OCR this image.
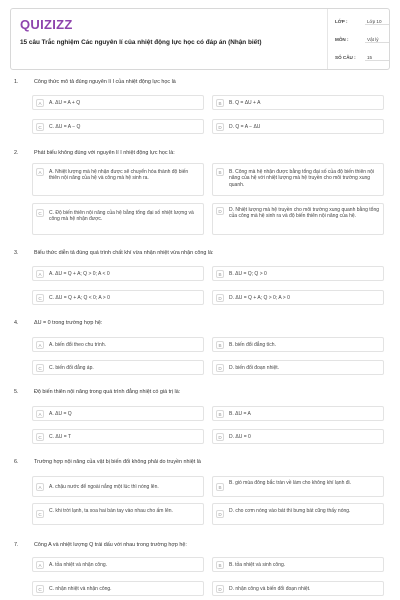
QUIZIZZ
15 câu Trắc nghiệm Các nguyên lí của nhiệt động lực học có đáp án (Nhận biết)
LỚP :	Lớp 10
MÔN :	Vật lý
SỐ CÂU :	15
1.	Công thức mô tả đúng nguyên lí I của nhiệt động lực học là
A	A. ΔU = A + Q	B	B. Q = ΔU + A
C	C. ΔU = A − Q	D	D. Q = A − ΔU
2.	Phát biểu không đúng với nguyên lí I nhiệt động lực học là:
A	A. Nhiệt lượng mà hệ nhận được sẽ chuyển hóa thành độ biến thiên nội năng của hệ và công mà hệ sinh ra.
B	B. Công mà hệ nhận được bằng tổng đại số của độ biến thiên nội năng của hệ với nhiệt lượng mà hệ truyền cho môi trường xung quanh.
C	C. Độ biến thiên nội năng của hệ bằng tổng đại số nhiệt lượng và công mà hệ nhận được.
D	D. Nhiệt lượng mà hệ truyền cho môi trường xung quanh bằng tổng của công mà hệ sinh ra và độ biến thiên nội năng của hệ.
3.	Biểu thức diễn tả đúng quá trình chất khí vừa nhận nhiệt vừa nhận công là:
A	A. ΔU = Q + A; Q > 0; A < 0	B	B. ΔU = Q; Q > 0
C	C. ΔU = Q + A; Q < 0; A > 0	D	D. ΔU = Q + A; Q > 0; A > 0
4.	ΔU = 0 trong trường hợp hệ:
A	A. biến đổi theo chu trình.	B	B. biến đổi đẳng tích.
C	C. biến đổi đẳng áp.	D	D. biến đổi đoạn nhiệt.
5.	Độ biến thiên nội năng trong quá trình đẳng nhiệt có giá trị là:
A	A. ΔU = Q	B	B. ΔU = A
C	C. ΔU = T	D	D. ΔU = 0
6.	Trường hợp nội năng của vật bị biến đổi không phải do truyền nhiệt là
A	A. chậu nước để ngoài nắng một lúc thì nóng lên.	B
B. gió mùa đông bắc tràn về làm cho không khí lạnh đi.
C
C. khi trời lạnh, ta xoa hai bàn tay vào nhau cho ấm lên.
D
D. cho cơm nóng vào bát thì bưng bát cũng thấy nóng.
7.	Công A và nhiệt lượng Q trái dấu với nhau trong trường hợp hệ:
A	A. tỏa nhiệt và nhận công.	B	B. tỏa nhiệt và sinh công.
C	C. nhận nhiệt và nhận công.	D	D. nhận công và biến đổi đoạn nhiệt.
